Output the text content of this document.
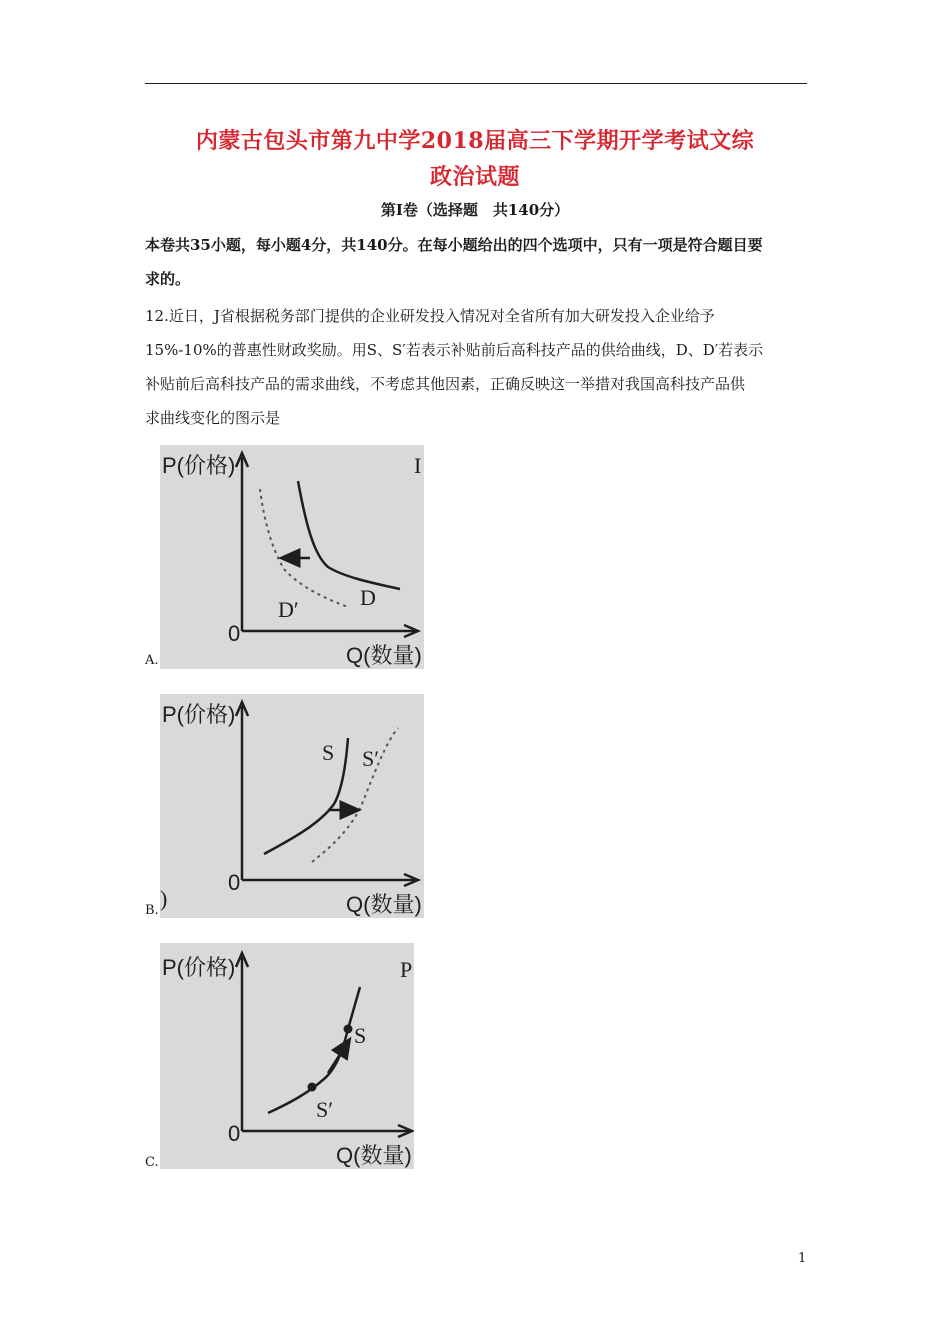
内蒙古包头市第九中学2018届高三下学期开学考试文综
政治试题
第Ⅰ卷（选择题　共140分）
本卷共35小题，每小题4分，共140分。在每小题给出的四个选项中，只有一项是符合题目要
求的。
12.近日，J省根据税务部门提供的企业研发投入情况对全省所有加大研发投入企业给予
15%-10%的普惠性财政奖励。用S、S′若表示补贴前后高科技产品的供给曲线，D、D′若表示
补贴前后高科技产品的需求曲线，不考虑其他因素，正确反映这一举措对我国高科技产品供
求曲线变化的图示是
A.
P(价格)
Q(数量)
0
I
D
D′
B.
P(价格)
Q(数量)
0
)
S S′
C.
P(价格)
Q(数量)
0
P
S
S′
1
